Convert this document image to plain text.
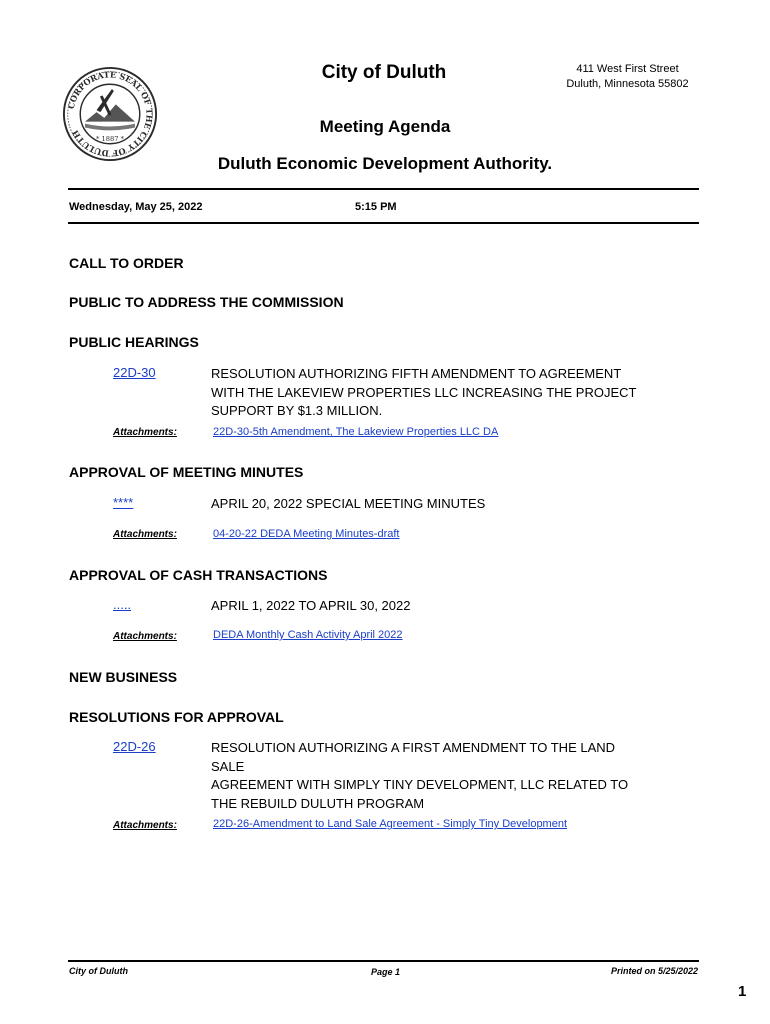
CORPORATE SEAL OF THE CITY OF DULUTH	* 1887 *
City of Duluth	411 West First Street
Duluth, Minnesota 55802
Meeting Agenda
Duluth Economic Development Authority.
Wednesday, May 25, 2022	5:15 PM
CALL TO ORDER
PUBLIC TO ADDRESS THE COMMISSION
PUBLIC HEARINGS
22D-30	RESOLUTION AUTHORIZING FIFTH AMENDMENT TO AGREEMENT
WITH THE LAKEVIEW PROPERTIES LLC INCREASING THE PROJECT
SUPPORT BY $1.3 MILLION.
Attachments:	22D-30-5th Amendment, The Lakeview Properties LLC DA
APPROVAL OF MEETING MINUTES
****	APRIL 20, 2022 SPECIAL MEETING MINUTES
Attachments:	04-20-22 DEDA Meeting Minutes-draft
APPROVAL OF CASH TRANSACTIONS
.....	APRIL 1, 2022 TO APRIL 30, 2022
Attachments:	DEDA Monthly Cash Activity April 2022
NEW BUSINESS
RESOLUTIONS FOR APPROVAL
22D-26	RESOLUTION AUTHORIZING A FIRST AMENDMENT TO THE LAND
SALE
AGREEMENT WITH SIMPLY TINY DEVELOPMENT, LLC RELATED TO
THE REBUILD DULUTH PROGRAM
Attachments:	22D-26-Amendment to Land Sale Agreement - Simply Tiny Development
City of Duluth	Page 1	Printed on 5/25/2022
1
